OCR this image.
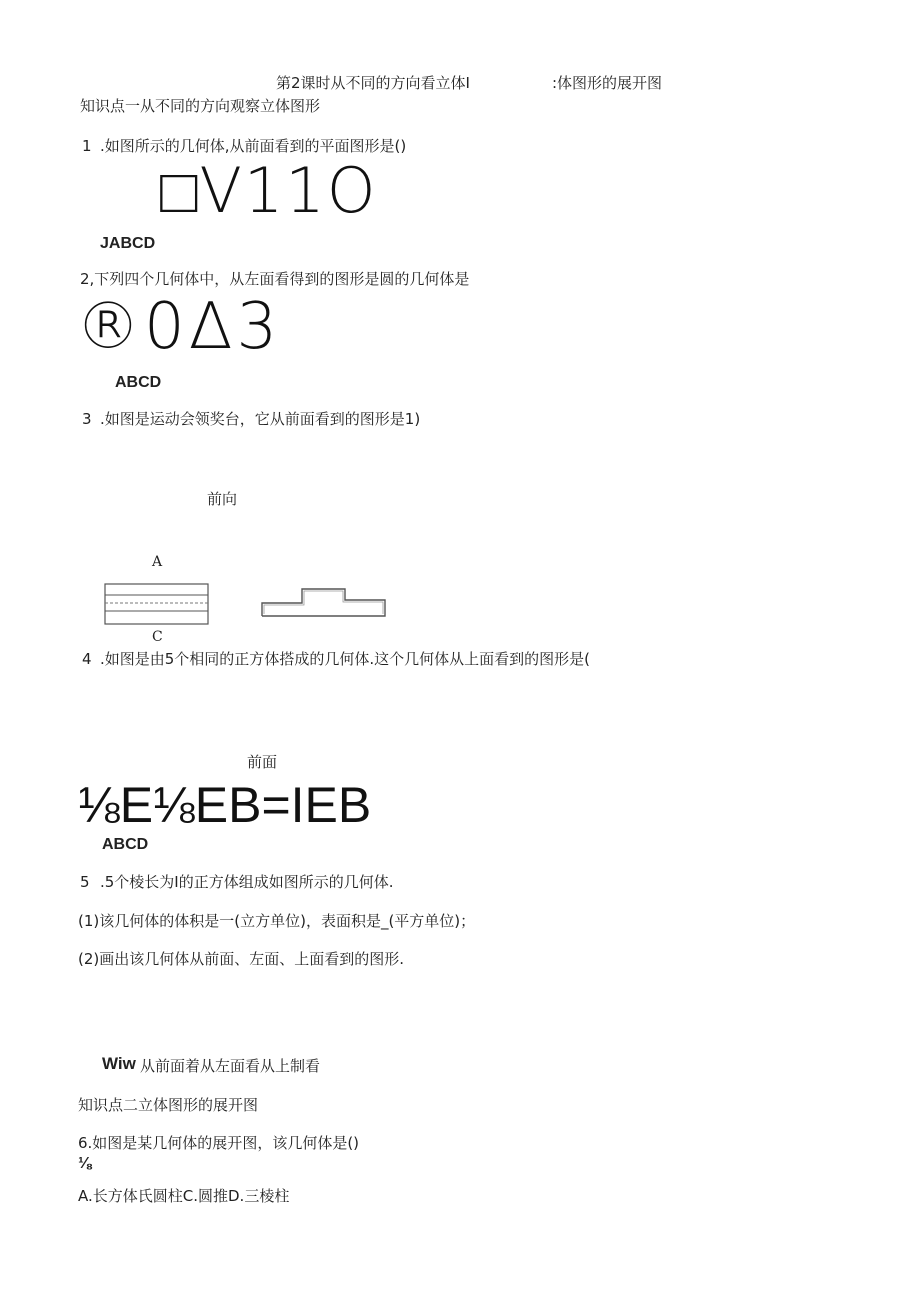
第2课时从不同的方向看立体I	:体图形的展开图
知识点一从不同的方向观察立体图形
1 .如图所示的几何体,从前面看到的平面图形是()
□V11O
JABCD
2,下列四个几何体中，从左面看得到的图形是圆的几何体是
®0Δ3
ABCD
3 .如图是运动会领奖台，它从前面看到的图形是1)
前向
A
C
4 .如图是由5个相同的正方体搭成的几何体.这个几何体从上面看到的图形是(
前面
⅛E⅛EB=IEB
ABCD
5 .5个棱长为I的正方体组成如图所示的几何体.
(1)该几何体的体积是一(立方单位)，表面积是_(平方单位)；
(2)画出该几何体从前面、左面、上面看到的图形.
Wiw 从前面着从左面看从上制看
知识点二立体图形的展开图
6.如图是某几何体的展开图，该几何体是()
⅛
A.长方体氏圆柱C.圆推D.三棱柱
